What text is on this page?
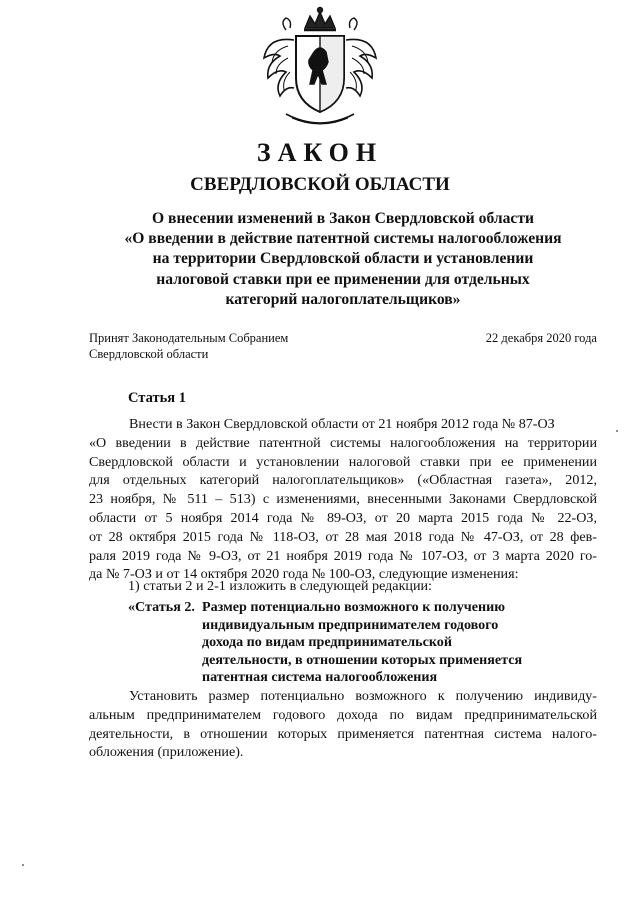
ЗАКОН
СВЕРДЛОВСКОЙ ОБЛАСТИ
О внесении изменений в Закон Свердловской области
«О введении в действие патентной системы налогообложения
на территории Свердловской области и установлении
налоговой ставки при ее применении для отдельных
категорий налогоплательщиков»
Принят Законодательным Собранием
Свердловской области
22 декабря 2020 года
Статья 1
Внести в Закон Свердловской области от 21 ноября 2012 года № 87-ОЗ
«О введении в действие патентной системы налогообложения на территории
Свердловской области и установлении налоговой ставки при ее применении
для отдельных категорий налогоплательщиков» («Областная газета», 2012,
23 ноября, № 511 – 513) с изменениями, внесенными Законами Свердловской
области от 5 ноября 2014 года № 89-ОЗ, от 20 марта 2015 года № 22-ОЗ,
от 28 октября 2015 года № 118-ОЗ, от 28 мая 2018 года № 47-ОЗ, от 28 фев-
раля 2019 года № 9-ОЗ, от 21 ноября 2019 года № 107-ОЗ, от 3 марта 2020 го-
да № 7-ОЗ и от 14 октября 2020 года № 100-ОЗ, следующие изменения:
1) статьи 2 и 2-1 изложить в следующей редакции:
«Статья 2. Размер потенциально возможного к получению
индивидуальным предпринимателем годового
дохода по видам предпринимательской
деятельности, в отношении которых применяется
патентная система налогообложения
Установить размер потенциально возможного к получению индивиду-
альным предпринимателем годового дохода по видам предпринимательской
деятельности, в отношении которых применяется патентная система налого-
обложения (приложение).
